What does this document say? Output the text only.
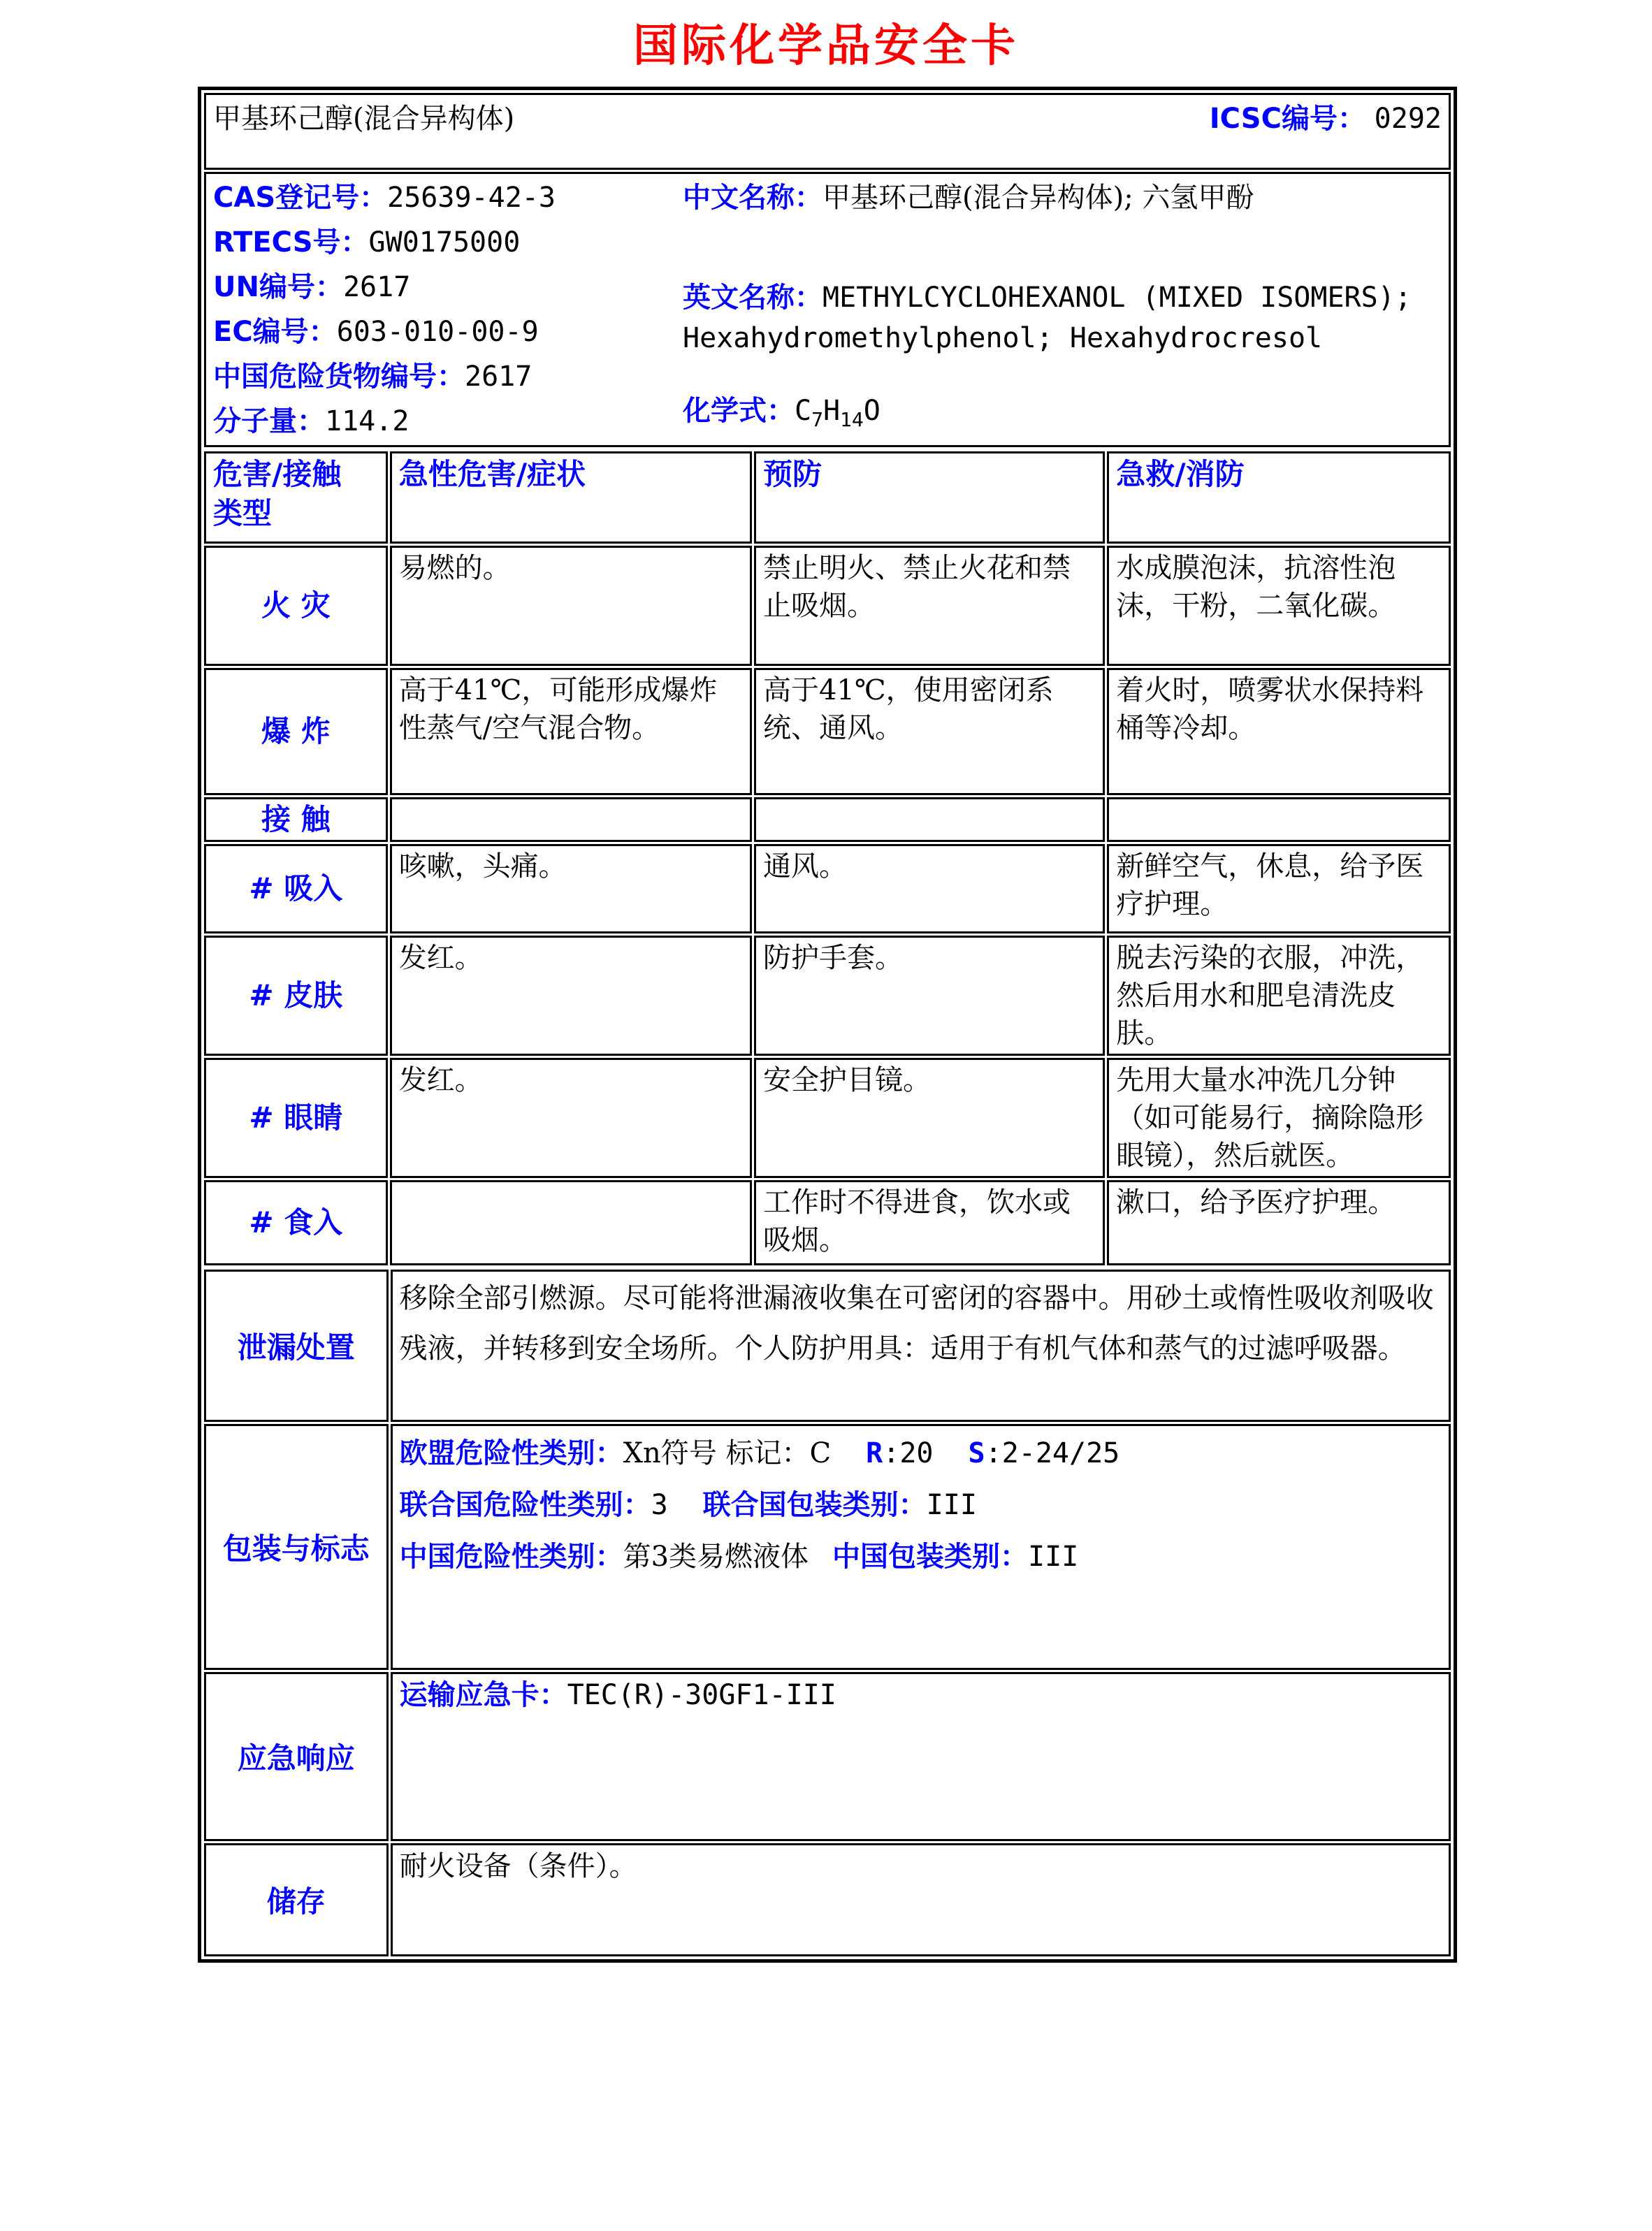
国际化学品安全卡
甲基环己醇(混合异构体)	ICSC编号： 0292

CAS登记号：25639-42-3
RTECS号：GW0175000
UN编号：2617
EC编号：603-010-00-9
中国危险货物编号：2617
分子量：114.2
中文名称：甲基环己醇(混合异构体); 六氢甲酚
英文名称：METHYLCYCLOHEXANOL (MIXED ISOMERS); Hexahydromethylphenol; Hexahydrocresol
化学式：$C_7H_{14}O$
危害/接触
类型	急性危害/症状	预防	急救/消防
火 灾	易燃的。	禁止明火、禁止火花和禁止吸烟。	水成膜泡沫，抗溶性泡沫，干粉，二氧化碳。
爆 炸	高于41℃，可能形成爆炸性蒸气/空气混合物。	高于41℃，使用密闭系统、通风。	着火时，喷雾状水保持料桶等冷却。
接 触			
# 吸入	咳嗽，头痛。	通风。	新鲜空气，休息，给予医疗护理。
# 皮肤	发红。	防护手套。	脱去污染的衣服，冲洗，然后用水和肥皂清洗皮肤。
# 眼睛	发红。	安全护目镜。	先用大量水冲洗几分钟（如可能易行，摘除隐形眼镜），然后就医。
# 食入		工作时不得进食，饮水或吸烟。	漱口，给予医疗护理。
泄漏处置	移除全部引燃源。尽可能将泄漏液收集在可密闭的容器中。用砂土或惰性吸收剂吸收残液，并转移到安全场所。个人防护用具：适用于有机气体和蒸气的过滤呼吸器。

包装与标志	欧盟危险性类别：Xn符号 标记：C R:20 S:2-24/25
联合国危险性类别：3 联合国包装类别：III
中国危险性类别：第3类易燃液体 中国包装类别：III

应急响应	运输应急卡：TEC(R)-30GF1-III

储存	耐火设备（条件）。
